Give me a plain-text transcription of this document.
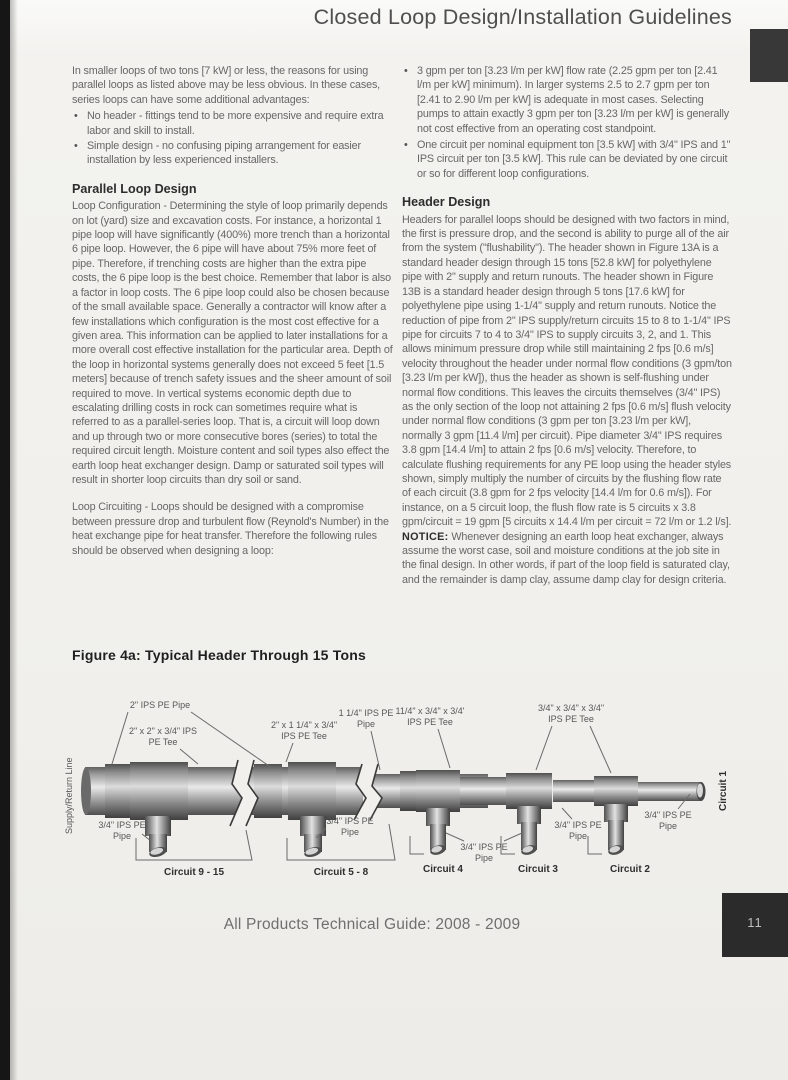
Closed Loop Design/Installation Guidelines

In smaller loops of two tons [7 kW] or less, the reasons for using parallel loops as listed above may be less obvious. In these cases, series loops can have some additional advantages:

• No header - fittings tend to be more expensive and require extra labor and skill to install.
• Simple design - no confusing piping arrangement for easier installation by less experienced installers.
Parallel Loop Design

Loop Configuration - Determining the style of loop primarily depends on lot (yard) size and excavation costs. For instance, a horizontal 1 pipe loop will have significantly (400%) more trench than a horizontal 6 pipe loop. However, the 6 pipe will have about 75% more feet of pipe. Therefore, if trenching costs are higher than the extra pipe costs, the 6 pipe loop is the best choice. Remember that labor is also a factor in loop costs. The 6 pipe loop could also be chosen because of the small available space. Generally a contractor will know after a few installations which configuration is the most cost effective for a given area. This information can be applied to later installations for a more overall cost effective installation for the particular area. Depth of the loop in horizontal systems generally does not exceed 5 feet [1.5 meters] because of trench safety issues and the sheer amount of soil required to move. In vertical systems economic depth due to escalating drilling costs in rock can sometimes require what is referred to as a parallel-series loop. That is, a circuit will loop down and up through two or more consecutive bores (series) to total the required circuit length. Moisture content and soil types also effect the earth loop heat exchanger design. Damp or saturated soil types will result in shorter loop circuits than dry soil or sand.

Loop Circuiting - Loops should be designed with a compromise between pressure drop and turbulent flow (Reynold's Number) in the heat exchange pipe for heat transfer. Therefore the following rules should be observed when designing a loop:

• 3 gpm per ton [3.23 l/m per kW] flow rate (2.25 gpm per ton [2.41 l/m per kW] minimum). In larger systems 2.5 to 2.7 gpm per ton [2.41 to 2.90 l/m per kW] is adequate in most cases. Selecting pumps to attain exactly 3 gpm per ton [3.23 l/m per kW] is generally not cost effective from an operating cost standpoint.
• One circuit per nominal equipment ton [3.5 kW] with 3/4" IPS and 1" IPS circuit per ton [3.5 kW]. This rule can be deviated by one circuit or so for different loop configurations.
Header Design

Headers for parallel loops should be designed with two factors in mind, the first is pressure drop, and the second is ability to purge all of the air from the system ("flushability"). The header shown in Figure 13A is a standard header design through 15 tons [52.8 kW] for polyethylene pipe with 2" supply and return runouts. The header shown in Figure 13B is a standard header design through 5 tons [17.6 kW] for polyethylene pipe using 1-1/4" supply and return runouts. Notice the reduction of pipe from 2" IPS supply/return circuits 15 to 8 to 1-1/4" IPS pipe for circuits 7 to 4 to 3/4" IPS to supply circuits 3, 2, and 1. This allows minimum pressure drop while still maintaining 2 fps [0.6 m/s] velocity throughout the header under normal flow conditions (3 gpm/ton [3.23 l/m per kW]), thus the header as shown is self-flushing under normal flow conditions. This leaves the circuits themselves (3/4" IPS) as the only section of the loop not attaining 2 fps [0.6 m/s] flush velocity under normal flow conditions (3 gpm per ton [3.23 l/m per kW], normally 3 gpm [11.4 l/m] per circuit). Pipe diameter 3/4" IPS requires 3.8 gpm [14.4 l/m] to attain 2 fps [0.6 m/s] velocity. Therefore, to calculate flushing requirements for any PE loop using the header styles shown, simply multiply the number of circuits by the flushing flow rate of each circuit (3.8 gpm for 2 fps velocity [14.4 l/m for 0.6 m/s]). For instance, on a 5 circuit loop, the flush flow rate is 5 circuits x 3.8 gpm/circuit = 19 gpm [5 circuits x 14.4 l/m per circuit = 72 l/m or 1.2 l/s].

NOTICE: Whenever designing an earth loop heat exchanger, always assume the worst case, soil and moisture conditions at the job site in the final design. In other words, if part of the loop field is saturated clay, and the remainder is damp clay, assume damp clay for design criteria.

Figure 4a: Typical Header Through 15 Tons
Supply/Return Line
2" IPS PE Pipe
2" x 2" x 3/4" IPS
PE Tee
2" x 1 1/4" x 3/4"
IPS PE Tee
1 1/4" IPS PE
Pipe
11/4" x 3/4" x 3/4'
IPS PE Tee
3/4" x 3/4" x 3/4"
IPS PE Tee
3/4" IPS PE
Pipe
3/4" IPS PE
Pipe
3/4" IPS PE
Pipe
3/4" IPS PE
Pipe
3/4" IPS PE
Pipe
Circuit 9 - 15	Circuit 5 - 8	Circuit 4	Circuit 3	Circuit 2
Circuit 1
All Products Technical Guide: 2008 - 2009	11
